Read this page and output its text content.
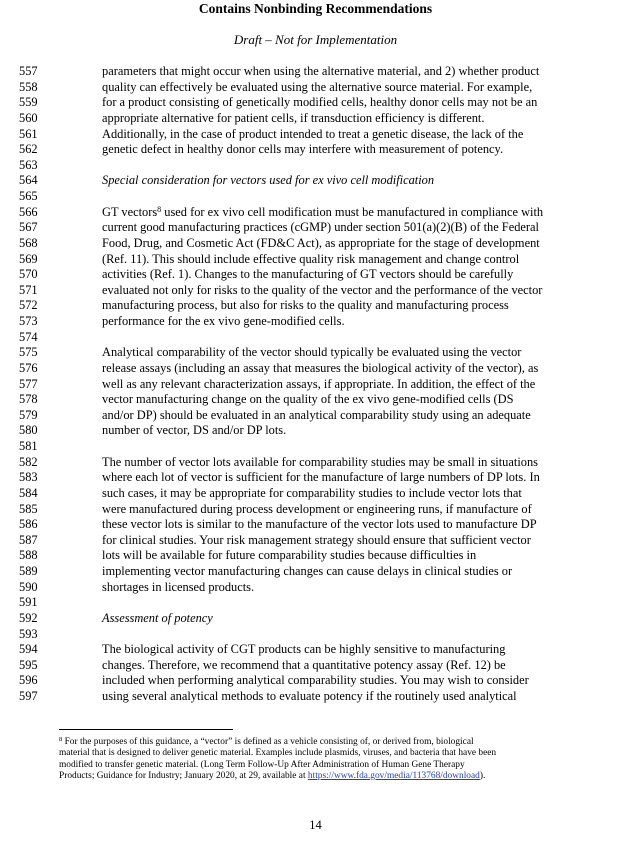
Contains Nonbinding Recommendations
Draft – Not for Implementation
557	parameters that might occur when using the alternative material, and 2) whether product
558	quality can effectively be evaluated using the alternative source material. For example,
559	for a product consisting of genetically modified cells, healthy donor cells may not be an
560	appropriate alternative for patient cells, if transduction efficiency is different.
561	Additionally, in the case of product intended to treat a genetic disease, the lack of the
562	genetic defect in healthy donor cells may interfere with measurement of potency.
563
564	Special consideration for vectors used for ex vivo cell modification
565
566	GT vectors$^8$ used for ex vivo cell modification must be manufactured in compliance with
567	current good manufacturing practices (cGMP) under section 501(a)(2)(B) of the Federal
568	Food, Drug, and Cosmetic Act (FD&C Act), as appropriate for the stage of development
569	(Ref. 11). This should include effective quality risk management and change control
570	activities (Ref. 1). Changes to the manufacturing of GT vectors should be carefully
571	evaluated not only for risks to the quality of the vector and the performance of the vector
572	manufacturing process, but also for risks to the quality and manufacturing process
573	performance for the ex vivo gene-modified cells.
574
575	Analytical comparability of the vector should typically be evaluated using the vector
576	release assays (including an assay that measures the biological activity of the vector), as
577	well as any relevant characterization assays, if appropriate. In addition, the effect of the
578	vector manufacturing change on the quality of the ex vivo gene-modified cells (DS
579	and/or DP) should be evaluated in an analytical comparability study using an adequate
580	number of vector, DS and/or DP lots.
581
582	The number of vector lots available for comparability studies may be small in situations
583	where each lot of vector is sufficient for the manufacture of large numbers of DP lots. In
584	such cases, it may be appropriate for comparability studies to include vector lots that
585	were manufactured during process development or engineering runs, if manufacture of
586	these vector lots is similar to the manufacture of the vector lots used to manufacture DP
587	for clinical studies. Your risk management strategy should ensure that sufficient vector
588	lots will be available for future comparability studies because difficulties in
589	implementing vector manufacturing changes can cause delays in clinical studies or
590	shortages in licensed products.
591
592	Assessment of potency
593
594	The biological activity of CGT products can be highly sensitive to manufacturing
595	changes. Therefore, we recommend that a quantitative potency assay (Ref. 12) be
596	included when performing analytical comparability studies. You may wish to consider
597	using several analytical methods to evaluate potency if the routinely used analytical
$^8$ For the purposes of this guidance, a “vector” is defined as a vehicle consisting of, or derived from, biological
material that is designed to deliver genetic material. Examples include plasmids, viruses, and bacteria that have been
modified to transfer genetic material. (Long Term Follow-Up After Administration of Human Gene Therapy
Products; Guidance for Industry; January 2020, at 29, available at https://www.fda.gov/media/113768/download).
14
